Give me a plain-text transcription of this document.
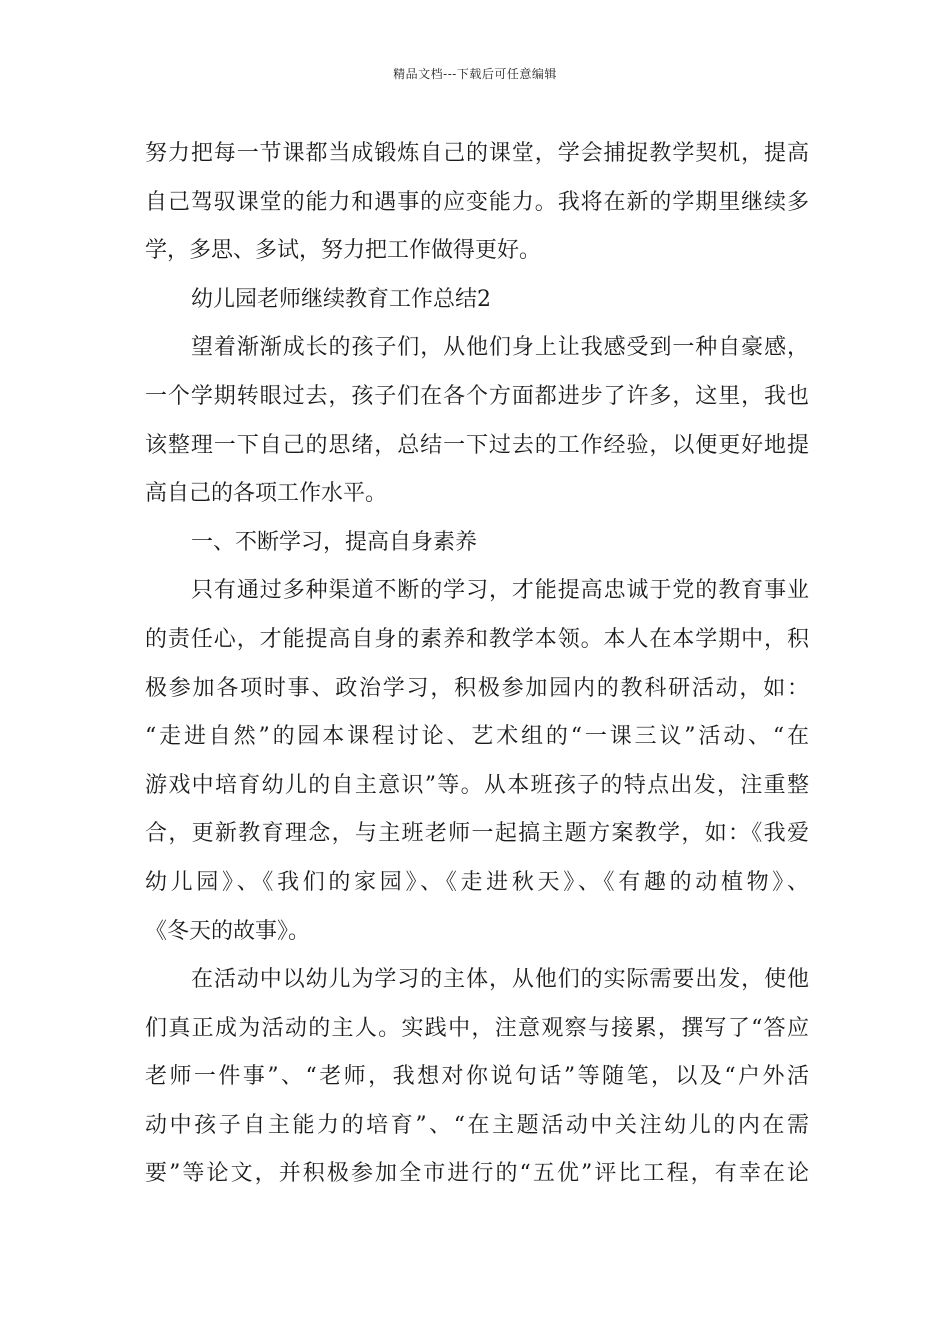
精品文档---下载后可任意编辑
努力把每一节课都当成锻炼自己的课堂，学会捕捉教学契机，提高
自己驾驭课堂的能力和遇事的应变能力。我将在新的学期里继续多
学，多思、多试，努力把工作做得更好。
幼儿园老师继续教育工作总结2
望着渐渐成长的孩子们，从他们身上让我感受到一种自豪感，
一个学期转眼过去，孩子们在各个方面都进步了许多，这里，我也
该整理一下自己的思绪，总结一下过去的工作经验，以便更好地提
高自己的各项工作水平。
一、不断学习，提高自身素养
只有通过多种渠道不断的学习，才能提高忠诚于党的教育事业
的责任心，才能提高自身的素养和教学本领。本人在本学期中，积
极参加各项时事、政治学习，积极参加园内的教科研活动，如：
“走进自然”的园本课程讨论、艺术组的“一课三议”活动、“在
游戏中培育幼儿的自主意识”等。从本班孩子的特点出发，注重整
合，更新教育理念，与主班老师一起搞主题方案教学，如：《我爱
幼儿园》、《我们的家园》、《走进秋天》、《有趣的动植物》、
《冬天的故事》。
在活动中以幼儿为学习的主体，从他们的实际需要出发，使他
们真正成为活动的主人。实践中，注意观察与接累，撰写了“答应
老师一件事”、“老师，我想对你说句话”等随笔，以及“户外活
动中孩子自主能力的培育”、“在主题活动中关注幼儿的内在需
要”等论文，并积极参加全市进行的“五优”评比工程，有幸在论
